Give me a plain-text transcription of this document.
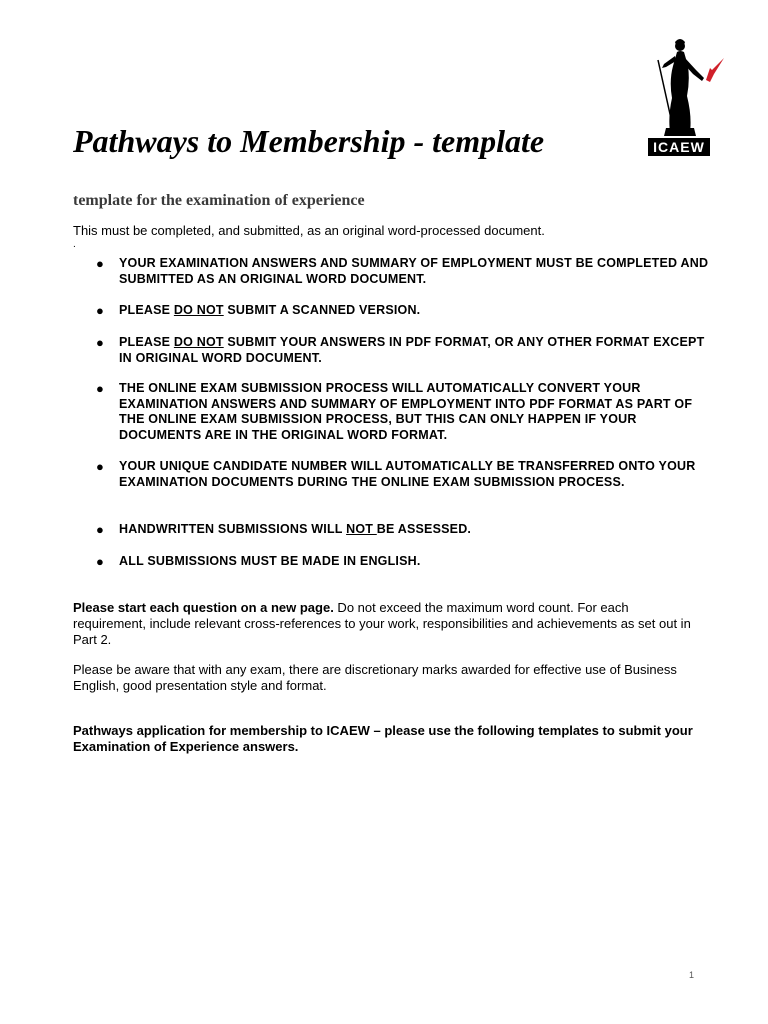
ICAEW
Pathways to Membership - template
template for the examination of experience

This must be completed, and submitted, as an original word-processed document.

.
● YOUR EXAMINATION ANSWERS AND SUMMARY OF EMPLOYMENT MUST BE COMPLETED AND SUBMITTED AS AN ORIGINAL WORD DOCUMENT.
● PLEASE DO NOT SUBMIT A SCANNED VERSION.
● PLEASE DO NOT SUBMIT YOUR ANSWERS IN PDF FORMAT, OR ANY OTHER FORMAT EXCEPT IN ORIGINAL WORD DOCUMENT.
● THE ONLINE EXAM SUBMISSION PROCESS WILL AUTOMATICALLY CONVERT YOUR EXAMINATION ANSWERS AND SUMMARY OF EMPLOYMENT INTO PDF FORMAT AS PART OF THE ONLINE EXAM SUBMISSION PROCESS, BUT THIS CAN ONLY HAPPEN IF YOUR DOCUMENTS ARE IN THE ORIGINAL WORD FORMAT.
● YOUR UNIQUE CANDIDATE NUMBER WILL AUTOMATICALLY BE TRANSFERRED ONTO YOUR EXAMINATION DOCUMENTS DURING THE ONLINE EXAM SUBMISSION PROCESS.
● HANDWRITTEN SUBMISSIONS WILL NOT BE ASSESSED.
● ALL SUBMISSIONS MUST BE MADE IN ENGLISH.

Please start each question on a new page. Do not exceed the maximum word count. For each requirement, include relevant cross-references to your work, responsibilities and achievements as set out in Part 2.

Please be aware that with any exam, there are discretionary marks awarded for effective use of Business English, good presentation style and format.

Pathways application for membership to ICAEW – please use the following templates to submit your Examination of Experience answers.

1
